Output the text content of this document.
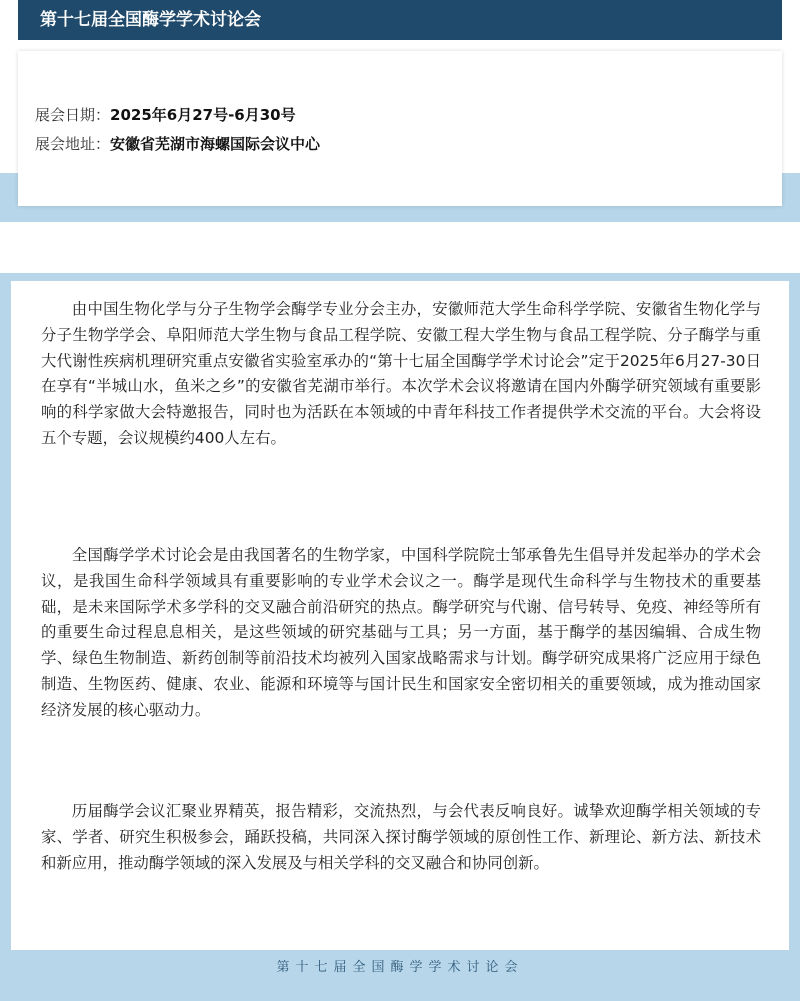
第十七届全国酶学学术讨论会
展会日期：2025年6月27号-6月30号
展会地址：安徽省芜湖市海螺国际会议中心

由中国生物化学与分子生物学会酶学专业分会主办，安徽师范大学生命科学学院、安徽省生物化学与分子生物学学会、阜阳师范大学生物与食品工程学院、安徽工程大学生物与食品工程学院、分子酶学与重大代谢性疾病机理研究重点安徽省实验室承办的“第十七届全国酶学学术讨论会”定于2025年6月27-30日在享有“半城山水，鱼米之乡”的安徽省芜湖市举行。本次学术会议将邀请在国内外酶学研究领域有重要影响的科学家做大会特邀报告，同时也为活跃在本领域的中青年科技工作者提供学术交流的平台。大会将设五个专题，会议规模约400人左右。

全国酶学学术讨论会是由我国著名的生物学家，中国科学院院士邹承鲁先生倡导并发起举办的学术会议，是我国生命科学领域具有重要影响的专业学术会议之一。酶学是现代生命科学与生物技术的重要基础，是未来国际学术多学科的交叉融合前沿研究的热点。酶学研究与代谢、信号转导、免疫、神经等所有的重要生命过程息息相关，是这些领域的研究基础与工具；另一方面，基于酶学的基因编辑、合成生物学、绿色生物制造、新药创制等前沿技术均被列入国家战略需求与计划。酶学研究成果将广泛应用于绿色制造、生物医药、健康、农业、能源和环境等与国计民生和国家安全密切相关的重要领域，成为推动国家经济发展的核心驱动力。

历届酶学会议汇聚业界精英，报告精彩，交流热烈，与会代表反响良好。诚挚欢迎酶学相关领域的专家、学者、研究生积极参会，踊跃投稿，共同深入探讨酶学领域的原创性工作、新理论、新方法、新技术和新应用，推动酶学领域的深入发展及与相关学科的交叉融合和协同创新。

第十七届全国酶学学术讨论会
